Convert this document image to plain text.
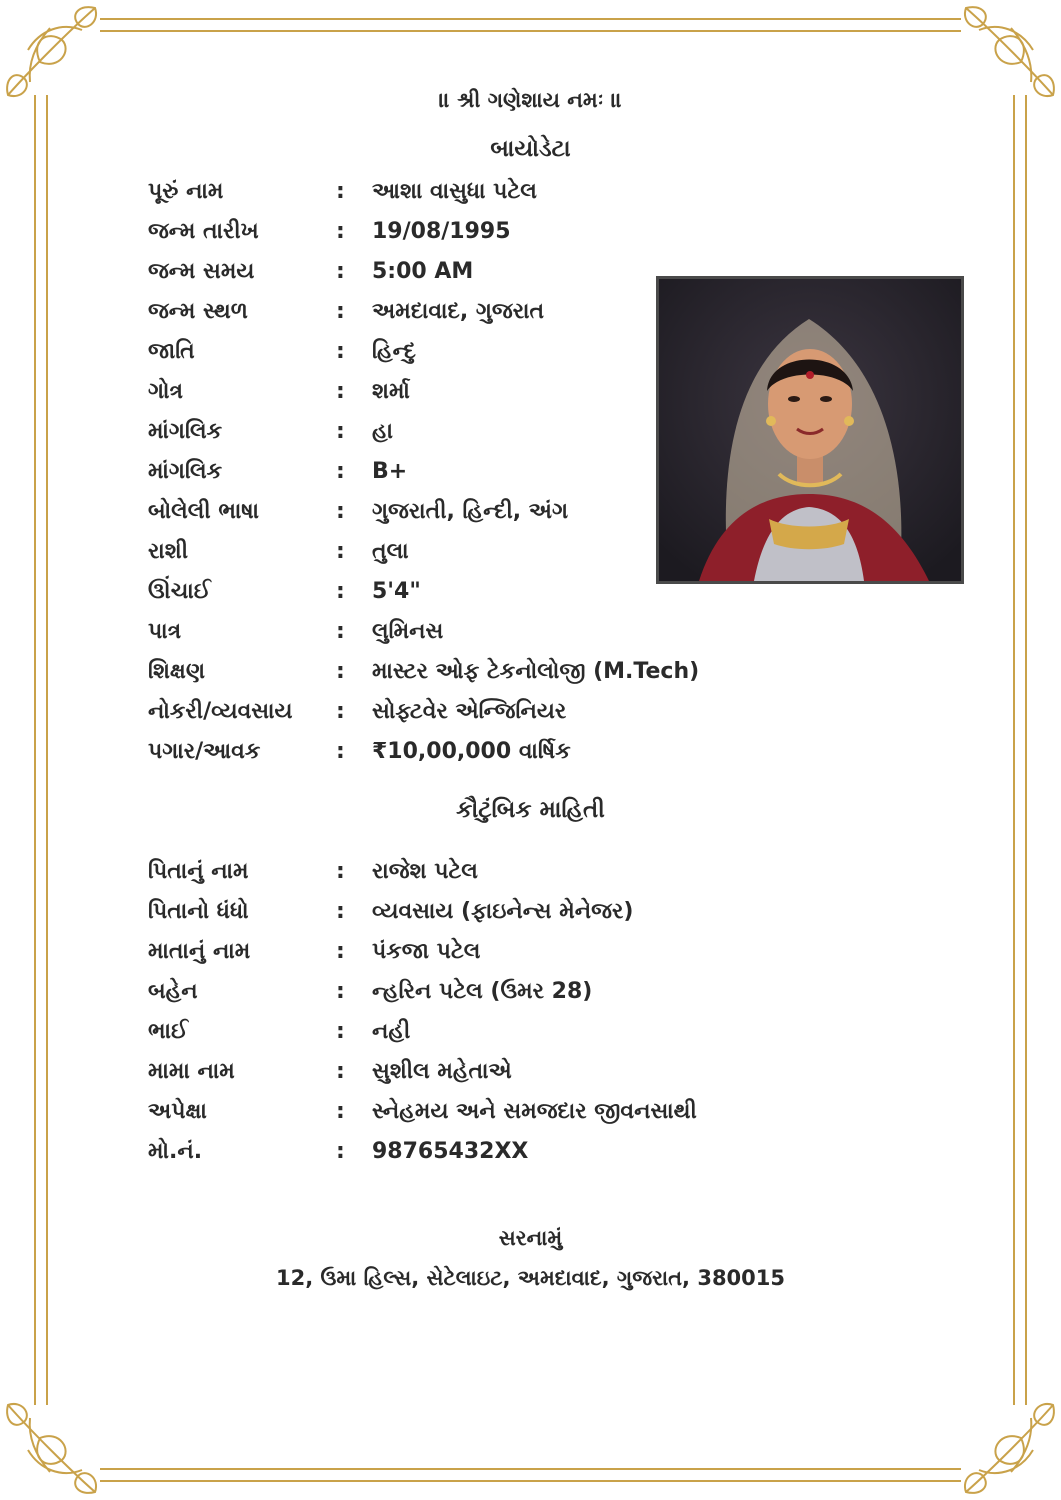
॥ શ્રી ગણેશાય નમઃ ॥
બાયોડેટા
પૂરું નામ	:	આશા વાસુધા પટેલ
જન્મ તારીખ	:	19/08/1995
જન્મ સમય	:	5:00 AM
જન્મ સ્થળ	:	અમદાવાદ, ગુજરાત
જાતિ	:	હિન્દુ
ગોત્ર	:	શર્મા
માંગલિક	:	હા
માંગલિક	:	B+
બોલેલી ભાષા	:	ગુજરાતી, હિન્દી, અંગ
રાશી	:	તુલા
ઊંચાઈ	:	5'4"
પાત્ર	:	લુમિનસ
શિક્ષણ	:	માસ્ટર ઓફ ટેકનોલોજી (M.Tech)
નોકરી/વ્યવસાય	:	સોફ્ટવેર એન્જિનિયર
પગાર/આવક	:	₹10,00,000 વાર્ષિક
કૌટુંબિક માહિતી
પિતાનું નામ	:	રાજેશ પટેલ
પિતાનો ધંધો	:	વ્યવસાય (ફાઇનેન્સ મેનેજર)
માતાનું નામ	:	પંકજા પટેલ
બહેન	:	ન્હરિન પટેલ (ઉમર 28)
ભાઈ	:	નહી
મામા નામ	:	સુશીલ મહેતાએ
અપેક્ષા	:	સ્નેહમય અને સમજદાર જીવનસાથી
મો.નં.	:	98765432XX
સરનામું
12, ઉમા હિલ્સ, સેટેલાઇટ, અમદાવાદ, ગુજરાત, 380015
